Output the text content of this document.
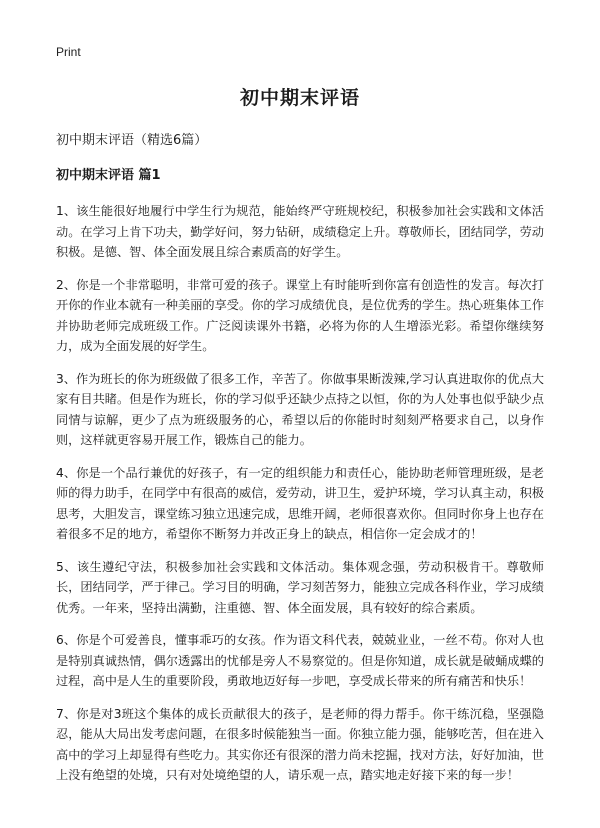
Print
初中期末评语

初中期末评语（精选6篇）

初中期末评语 篇1

1、该生能很好地履行中学生行为规范，能始终严守班规校纪，积极参加社会实践和文体活动。在学习上肯下功夫，勤学好问，努力钻研，成绩稳定上升。尊敬师长，团结同学，劳动积极。是德、智、体全面发展且综合素质高的好学生。

2、你是一个非常聪明，非常可爱的孩子。课堂上有时能听到你富有创造性的发言。每次打开你的作业本就有一种美丽的享受。你的学习成绩优良，是位优秀的学生。热心班集体工作并协助老师完成班级工作。广泛阅读课外书籍，必将为你的人生增添光彩。希望你继续努力，成为全面发展的好学生。

3、作为班长的你为班级做了很多工作，辛苦了。你做事果断泼辣,学习认真进取你的优点大家有目共睹。但是作为班长，你的学习似乎还缺少点持之以恒，你的为人处事也似乎缺少点同情与谅解，更少了点为班级服务的心，希望以后的你能时时刻刻严格要求自己，以身作则，这样就更容易开展工作，锻炼自己的能力。

4、你是一个品行兼优的好孩子，有一定的组织能力和责任心，能协助老师管理班级，是老师的得力助手，在同学中有很高的威信，爱劳动，讲卫生，爱护环境，学习认真主动，积极思考，大胆发言，课堂练习独立迅速完成，思维开阔，老师很喜欢你。但同时你身上也存在着很多不足的地方，希望你不断努力并改正身上的缺点，相信你一定会成才的！

5、该生遵纪守法，积极参加社会实践和文体活动。集体观念强，劳动积极肯干。尊敬师长，团结同学，严于律己。学习目的明确，学习刻苦努力，能独立完成各科作业，学习成绩优秀。一年来，坚持出满勤，注重德、智、体全面发展，具有较好的综合素质。

6、你是个可爱善良，懂事乖巧的女孩。作为语文科代表，兢兢业业，一丝不苟。你对人也是特别真诚热情，偶尔透露出的忧郁是旁人不易察觉的。但是你知道，成长就是破蛹成蝶的过程，高中是人生的重要阶段，勇敢地迈好每一步吧，享受成长带来的所有痛苦和快乐！

7、你是对3班这个集体的成长贡献很大的孩子，是老师的得力帮手。你干练沉稳，坚强隐忍，能从大局出发考虑问题，在很多时候能独当一面。你独立能力强，能够吃苦，但在进入高中的学习上却显得有些吃力。其实你还有很深的潜力尚未挖掘，找对方法，好好加油，世上没有绝望的处境，只有对处境绝望的人，请乐观一点，踏实地走好接下来的每一步！
